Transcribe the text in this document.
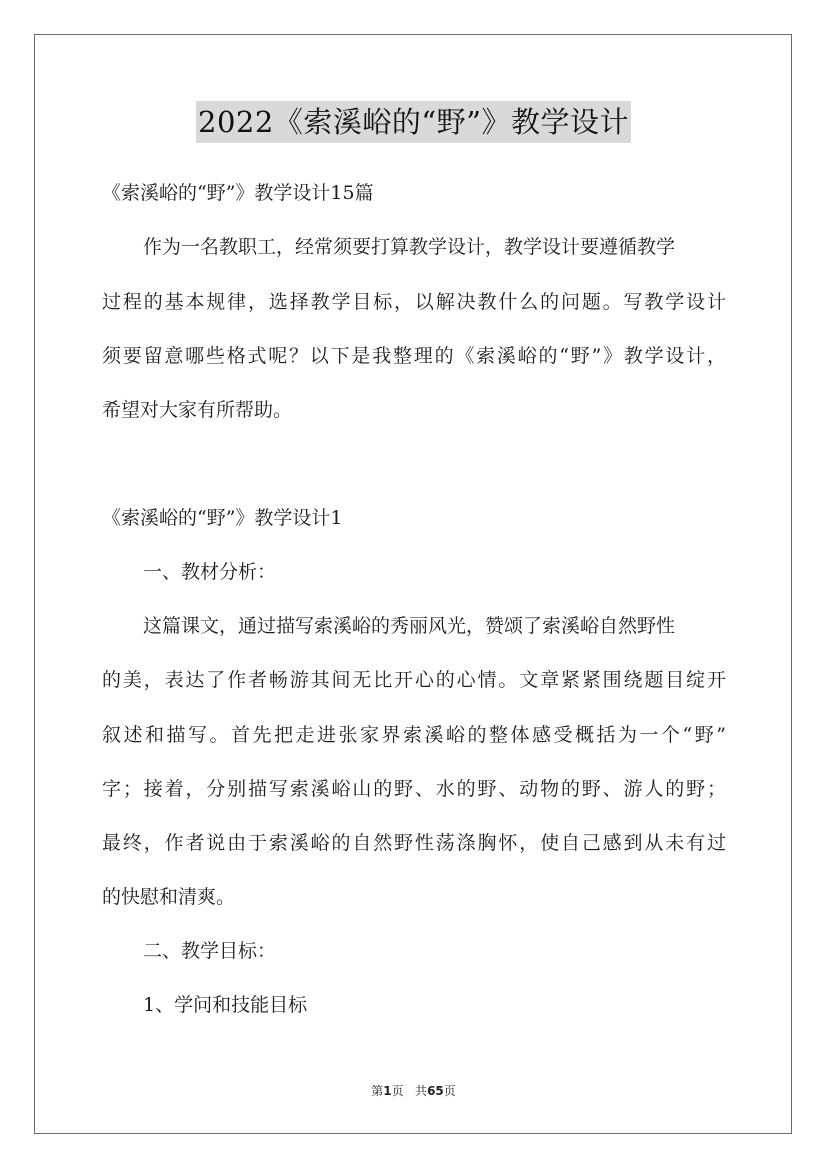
2022《索溪峪的“野”》教学设计
《索溪峪的“野”》教学设计15篇
作为一名教职工，经常须要打算教学设计，教学设计要遵循教学
过程的基本规律，选择教学目标，以解决教什么的问题。写教学设计
须要留意哪些格式呢？以下是我整理的《索溪峪的“野”》教学设计，
希望对大家有所帮助。
《索溪峪的“野”》教学设计1
一、教材分析：
这篇课文，通过描写索溪峪的秀丽风光，赞颂了索溪峪自然野性
的美，表达了作者畅游其间无比开心的心情。文章紧紧围绕题目绽开
叙述和描写。首先把走进张家界索溪峪的整体感受概括为一个“野”
字；接着，分别描写索溪峪山的野、水的野、动物的野、游人的野；
最终，作者说由于索溪峪的自然野性荡涤胸怀，使自己感到从未有过
的快慰和清爽。
二、教学目标：
1、学问和技能目标
第1页 共65页
